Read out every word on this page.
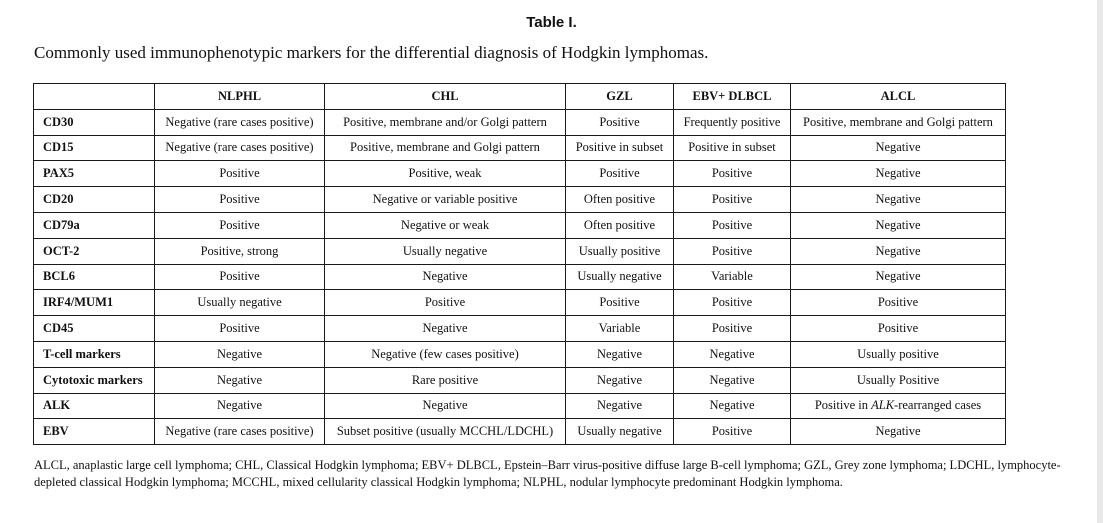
Table I.
Commonly used immunophenotypic markers for the differential diagnosis of Hodgkin lymphomas.
	NLPHL	CHL	GZL	EBV+ DLBCL	ALCL
CD30	Negative (rare cases positive)	Positive, membrane and/or Golgi pattern	Positive	Frequently positive	Positive, membrane and Golgi pattern
CD15	Negative (rare cases positive)	Positive, membrane and Golgi pattern	Positive in subset	Positive in subset	Negative
PAX5	Positive	Positive, weak	Positive	Positive	Negative
CD20	Positive	Negative or variable positive	Often positive	Positive	Negative
CD79a	Positive	Negative or weak	Often positive	Positive	Negative
OCT-2	Positive, strong	Usually negative	Usually positive	Positive	Negative
BCL6	Positive	Negative	Usually negative	Variable	Negative
IRF4/MUM1	Usually negative	Positive	Positive	Positive	Positive
CD45	Positive	Negative	Variable	Positive	Positive
T-cell markers	Negative	Negative (few cases positive)	Negative	Negative	Usually positive
Cytotoxic markers	Negative	Rare positive	Negative	Negative	Usually Positive
ALK	Negative	Negative	Negative	Negative	Positive in ALK-rearranged cases
EBV	Negative (rare cases positive)	Subset positive (usually MCCHL/LDCHL)	Usually negative	Positive	Negative
ALCL, anaplastic large cell lymphoma; CHL, Classical Hodgkin lymphoma; EBV+ DLBCL, Epstein–Barr virus-positive diffuse large B-cell lymphoma; GZL, Grey zone lymphoma; LDCHL, lymphocyte-depleted classical Hodgkin lymphoma; MCCHL, mixed cellularity classical Hodgkin lymphoma; NLPHL, nodular lymphocyte predominant Hodgkin lymphoma.
